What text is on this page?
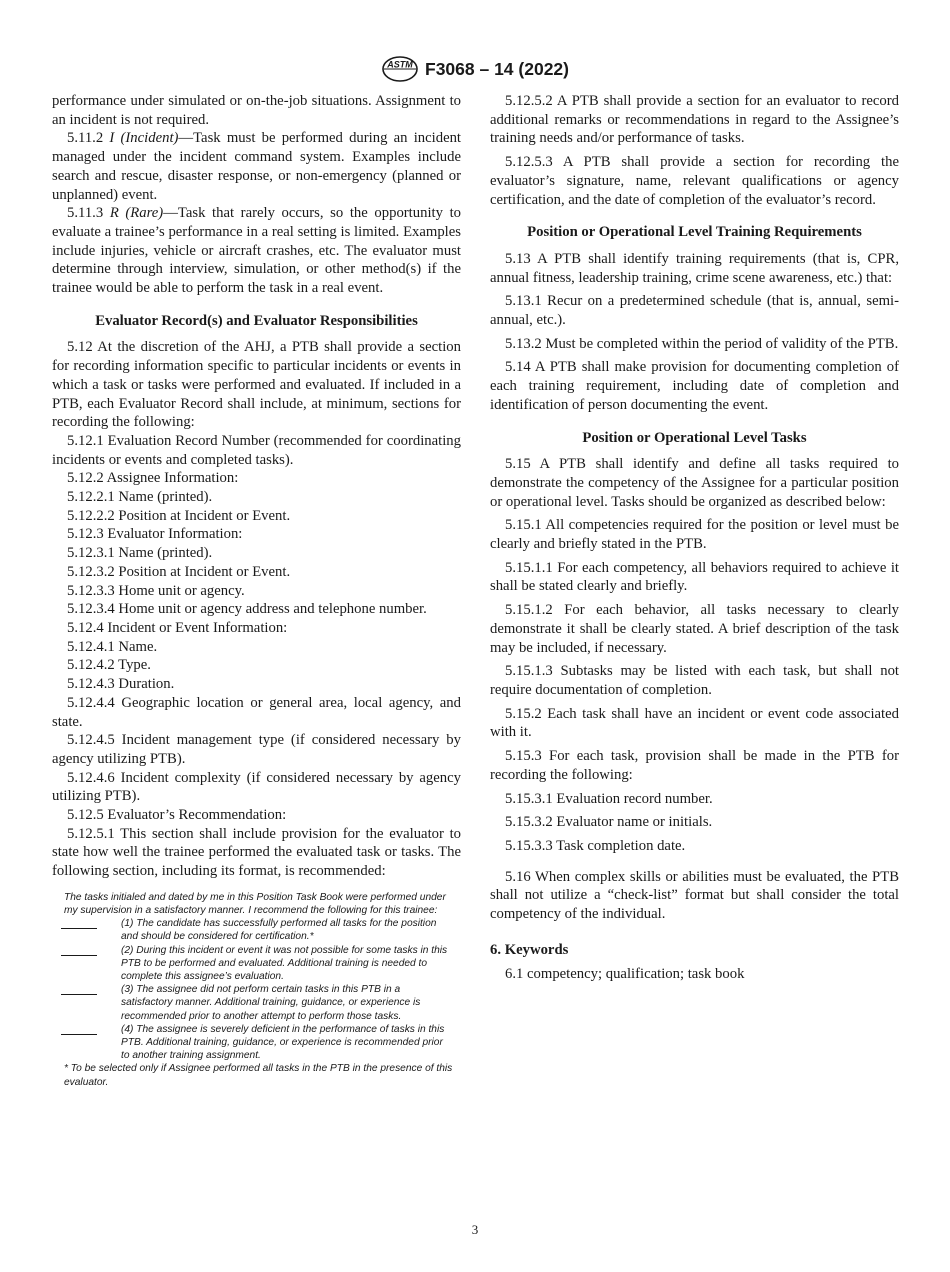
ASTM F3068 – 14 (2022)

performance under simulated or on-the-job situations. Assignment to an incident is not required.

5.11.2 I (Incident)—Task must be performed during an incident managed under the incident command system. Examples include search and rescue, disaster response, or non-emergency (planned or unplanned) event.

5.11.3 R (Rare)—Task that rarely occurs, so the opportunity to evaluate a trainee’s performance in a real setting is limited. Examples include injuries, vehicle or aircraft crashes, etc. The evaluator must determine through interview, simulation, or other method(s) if the trainee would be able to perform the task in a real event.

Evaluator Record(s) and Evaluator Responsibilities

5.12 At the discretion of the AHJ, a PTB shall provide a section for recording information specific to particular incidents or events in which a task or tasks were performed and evaluated. If included in a PTB, each Evaluator Record shall include, at minimum, sections for recording the following:

5.12.1 Evaluation Record Number (recommended for coordinating incidents or events and completed tasks).

5.12.2 Assignee Information:

5.12.2.1 Name (printed).

5.12.2.2 Position at Incident or Event.

5.12.3 Evaluator Information:

5.12.3.1 Name (printed).

5.12.3.2 Position at Incident or Event.

5.12.3.3 Home unit or agency.

5.12.3.4 Home unit or agency address and telephone number.

5.12.4 Incident or Event Information:

5.12.4.1 Name.

5.12.4.2 Type.

5.12.4.3 Duration.

5.12.4.4 Geographic location or general area, local agency, and state.

5.12.4.5 Incident management type (if considered necessary by agency utilizing PTB).

5.12.4.6 Incident complexity (if considered necessary by agency utilizing PTB).

5.12.5 Evaluator’s Recommendation:

5.12.5.1 This section shall include provision for the evaluator to state how well the trainee performed the evaluated task or tasks. The following section, including its format, is recommended:

The tasks initialed and dated by me in this Position Task Book were performed under my supervision in a satisfactory manner. I recommend the following for this trainee:

(1) The candidate has successfully performed all tasks for the position and should be considered for certification.*
(2) During this incident or event it was not possible for some tasks in this PTB to be performed and evaluated. Additional training is needed to complete this assignee’s evaluation.
(3) The assignee did not perform certain tasks in this PTB in a satisfactory manner. Additional training, guidance, or experience is recommended prior to another attempt to perform those tasks.
(4) The assignee is severely deficient in the performance of tasks in this PTB. Additional training, guidance, or experience is recommended prior to another training assignment.

* To be selected only if Assignee performed all tasks in the PTB in the presence of this evaluator.

5.12.5.2 A PTB shall provide a section for an evaluator to record additional remarks or recommendations in regard to the Assignee’s training needs and/or performance of tasks.

5.12.5.3 A PTB shall provide a section for recording the evaluator’s signature, name, relevant qualifications or agency certification, and the date of completion of the evaluator’s record.

Position or Operational Level Training Requirements

5.13 A PTB shall identify training requirements (that is, CPR, annual fitness, leadership training, crime scene awareness, etc.) that:

5.13.1 Recur on a predetermined schedule (that is, annual, semi-annual, etc.).

5.13.2 Must be completed within the period of validity of the PTB.

5.14 A PTB shall make provision for documenting completion of each training requirement, including date of completion and identification of person documenting the event.

Position or Operational Level Tasks

5.15 A PTB shall identify and define all tasks required to demonstrate the competency of the Assignee for a particular position or operational level. Tasks should be organized as described below:

5.15.1 All competencies required for the position or level must be clearly and briefly stated in the PTB.

5.15.1.1 For each competency, all behaviors required to achieve it shall be stated clearly and briefly.

5.15.1.2 For each behavior, all tasks necessary to clearly demonstrate it shall be clearly stated. A brief description of the task may be included, if necessary.

5.15.1.3 Subtasks may be listed with each task, but shall not require documentation of completion.

5.15.2 Each task shall have an incident or event code associated with it.

5.15.3 For each task, provision shall be made in the PTB for recording the following:

5.15.3.1 Evaluation record number.

5.15.3.2 Evaluator name or initials.

5.15.3.3 Task completion date.

5.16 When complex skills or abilities must be evaluated, the PTB shall not utilize a “check-list” format but shall consider the total competency of the individual.

6. Keywords

6.1 competency; qualification; task book

3
